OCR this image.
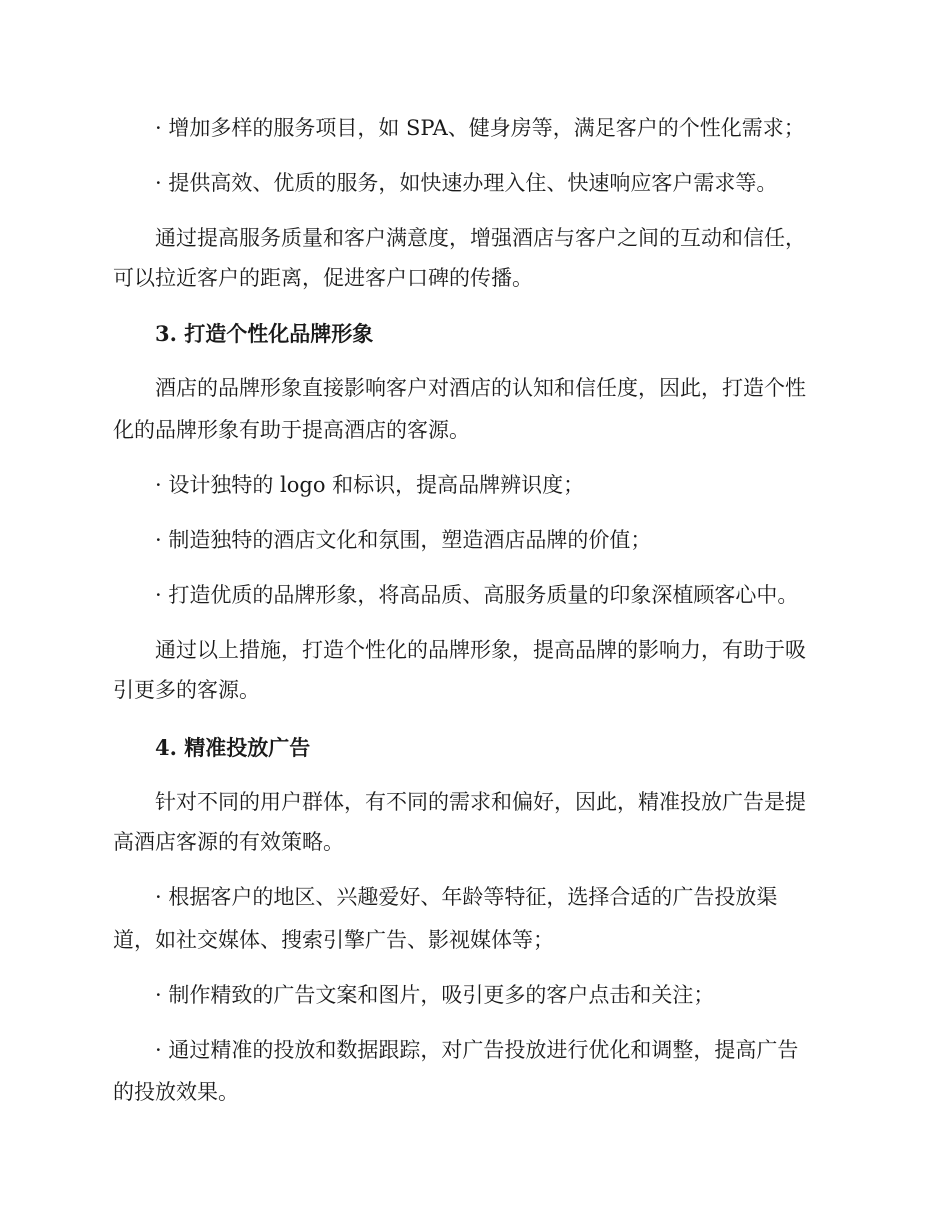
· 增加多样的服务项目，如 SPA、健身房等，满足客户的个性化需求；
· 提供高效、优质的服务，如快速办理入住、快速响应客户需求等。
通过提高服务质量和客户满意度，增强酒店与客户之间的互动和信任，
可以拉近客户的距离，促进客户口碑的传播。
3. 打造个性化品牌形象
酒店的品牌形象直接影响客户对酒店的认知和信任度，因此，打造个性
化的品牌形象有助于提高酒店的客源。
· 设计独特的 logo 和标识，提高品牌辨识度；
· 制造独特的酒店文化和氛围，塑造酒店品牌的价值；
· 打造优质的品牌形象，将高品质、高服务质量的印象深植顾客心中。
通过以上措施，打造个性化的品牌形象，提高品牌的影响力，有助于吸
引更多的客源。
4. 精准投放广告
针对不同的用户群体，有不同的需求和偏好，因此，精准投放广告是提
高酒店客源的有效策略。
· 根据客户的地区、兴趣爱好、年龄等特征，选择合适的广告投放渠
道，如社交媒体、搜索引擎广告、影视媒体等；
· 制作精致的广告文案和图片，吸引更多的客户点击和关注；
· 通过精准的投放和数据跟踪，对广告投放进行优化和调整，提高广告
的投放效果。
